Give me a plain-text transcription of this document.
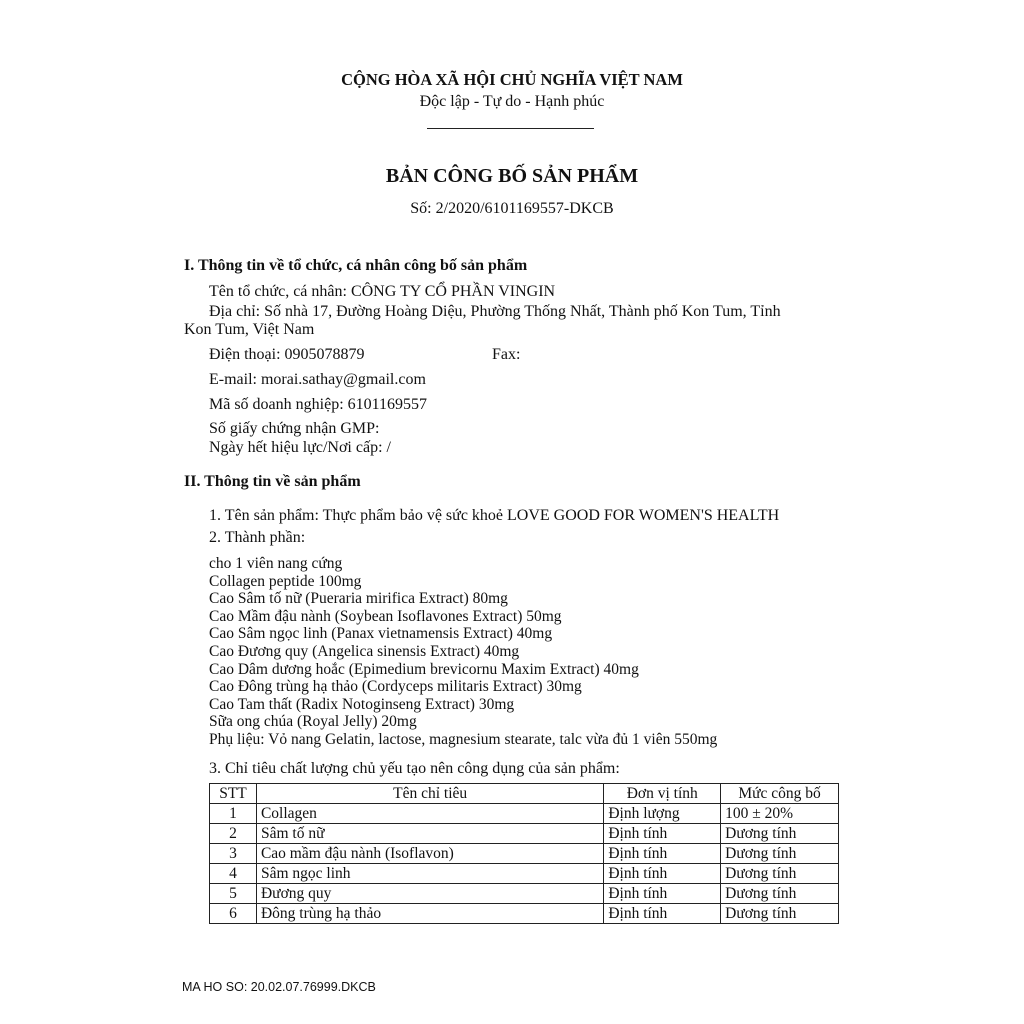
CỘNG HÒA XÃ HỘI CHỦ NGHĨA VIỆT NAM
Độc lập - Tự do - Hạnh phúc
BẢN CÔNG BỐ SẢN PHẨM
Số: 2/2020/6101169557-DKCB
I. Thông tin về tổ chức, cá nhân công bố sản phẩm
Tên tổ chức, cá nhân: CÔNG TY CỔ PHẦN VINGIN
Địa chỉ: Số nhà 17, Đường Hoàng Diệu, Phường Thống Nhất, Thành phố Kon Tum, Tỉnh
Kon Tum, Việt Nam
Điện thoại: 0905078879	Fax:
E-mail: morai.sathay@gmail.com
Mã số doanh nghiệp: 6101169557
Số giấy chứng nhận GMP:
Ngày hết hiệu lực/Nơi cấp: /
II. Thông tin về sản phẩm
1. Tên sản phẩm: Thực phẩm bảo vệ sức khoẻ LOVE GOOD FOR WOMEN'S HEALTH
2. Thành phần:
cho 1 viên nang cứng
Collagen peptide 100mg
Cao Sâm tố nữ (Pueraria mirifica Extract) 80mg
Cao Mầm đậu nành (Soybean Isoflavones Extract) 50mg
Cao Sâm ngọc linh (Panax vietnamensis Extract) 40mg
Cao Đương quy (Angelica sinensis Extract) 40mg
Cao Dâm dương hoắc (Epimedium brevicornu Maxim Extract) 40mg
Cao Đông trùng hạ thảo (Cordyceps militaris Extract) 30mg
Cao Tam thất (Radix Notoginseng Extract) 30mg
Sữa ong chúa (Royal Jelly) 20mg
Phụ liệu: Vỏ nang Gelatin, lactose, magnesium stearate, talc vừa đủ 1 viên 550mg
3. Chỉ tiêu chất lượng chủ yếu tạo nên công dụng của sản phẩm:
STT	Tên chỉ tiêu	Đơn vị tính	Mức công bố
1	Collagen	Định lượng	100 ± 20%
2	Sâm tố nữ	Định tính	Dương tính
3	Cao mầm đậu nành (Isoflavon)	Định tính	Dương tính
4	Sâm ngọc linh	Định tính	Dương tính
5	Đương quy	Định tính	Dương tính
6	Đông trùng hạ thảo	Định tính	Dương tính
MA HO SO: 20.02.07.76999.DKCB
